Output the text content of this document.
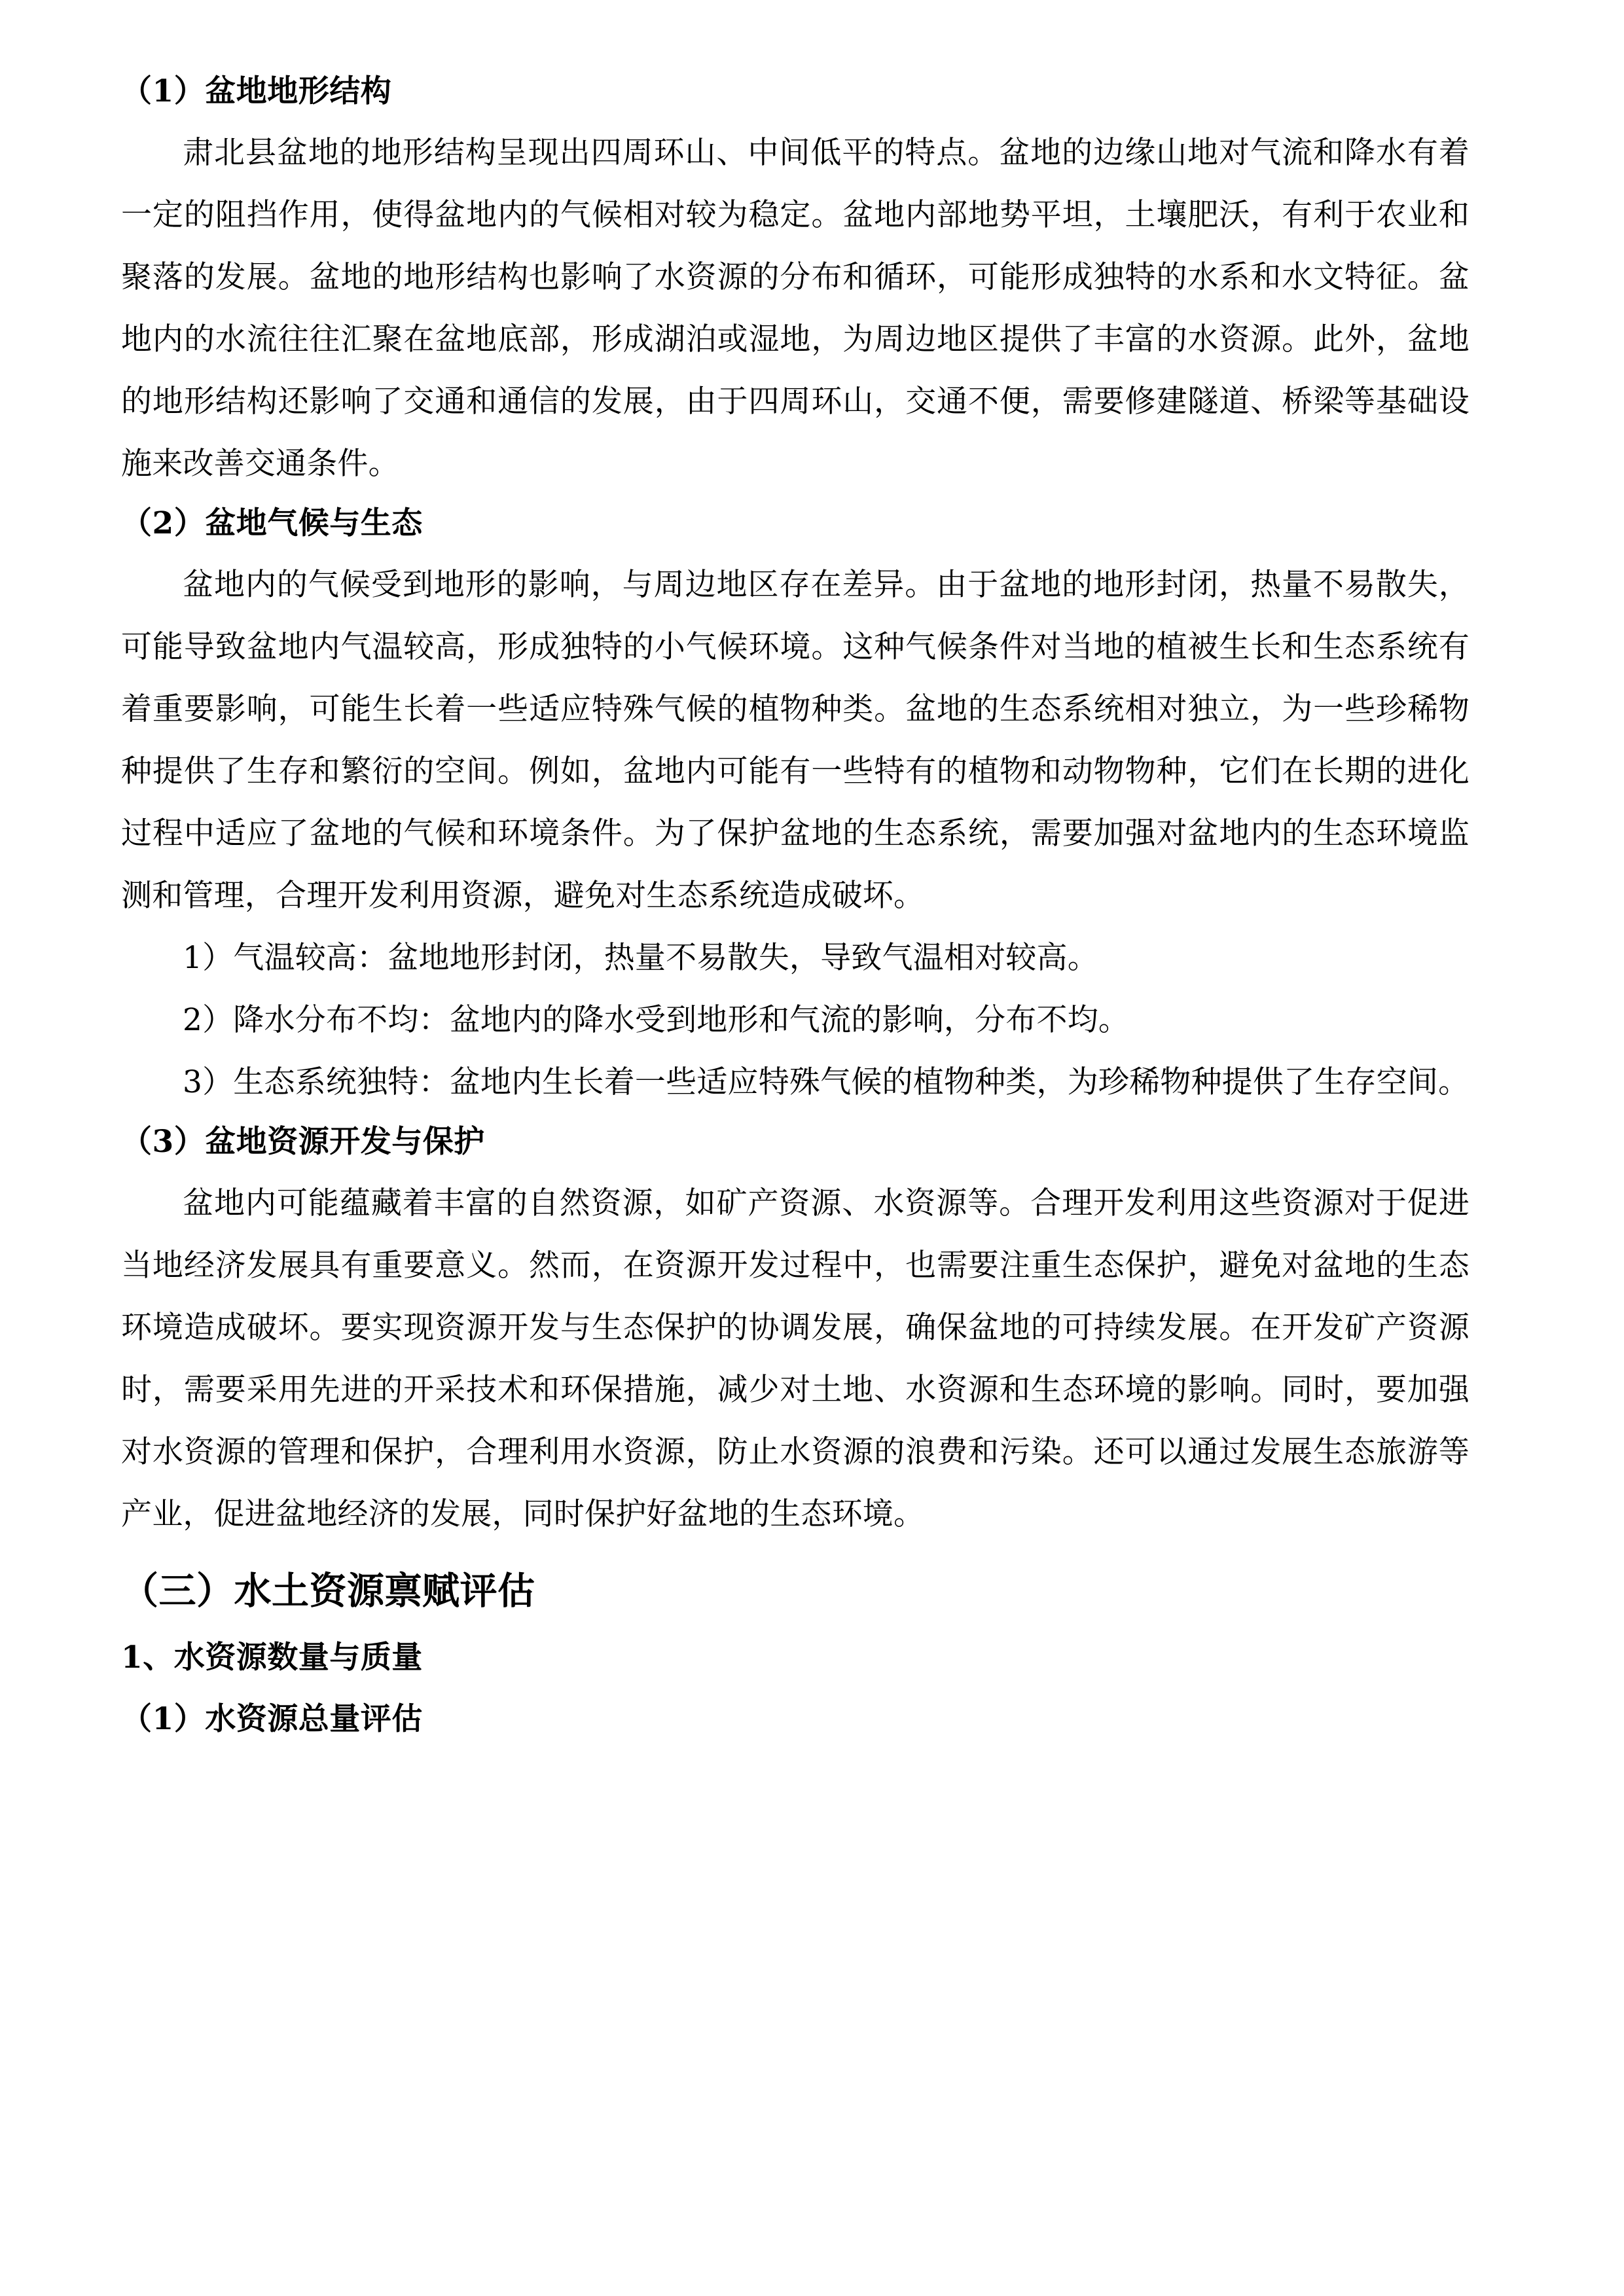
（1）盆地地形结构

肃北县盆地的地形结构呈现出四周环山、中间低平的特点。盆地的边缘山地对气流和降水有着一定的阻挡作用，使得盆地内的气候相对较为稳定。盆地内部地势平坦，土壤肥沃，有利于农业和聚落的发展。盆地的地形结构也影响了水资源的分布和循环，可能形成独特的水系和水文特征。盆地内的水流往往汇聚在盆地底部，形成湖泊或湿地，为周边地区提供了丰富的水资源。此外，盆地的地形结构还影响了交通和通信的发展，由于四周环山，交通不便，需要修建隧道、桥梁等基础设施来改善交通条件。

（2）盆地气候与生态

盆地内的气候受到地形的影响，与周边地区存在差异。由于盆地的地形封闭，热量不易散失，可能导致盆地内气温较高，形成独特的小气候环境。这种气候条件对当地的植被生长和生态系统有着重要影响，可能生长着一些适应特殊气候的植物种类。盆地的生态系统相对独立，为一些珍稀物种提供了生存和繁衍的空间。例如，盆地内可能有一些特有的植物和动物物种，它们在长期的进化过程中适应了盆地的气候和环境条件。为了保护盆地的生态系统，需要加强对盆地内的生态环境监测和管理，合理开发利用资源，避免对生态系统造成破坏。

1）气温较高：盆地地形封闭，热量不易散失，导致气温相对较高。

2）降水分布不均：盆地内的降水受到地形和气流的影响，分布不均。

3）生态系统独特：盆地内生长着一些适应特殊气候的植物种类，为珍稀物种提供了生存空间。

（3）盆地资源开发与保护

盆地内可能蕴藏着丰富的自然资源，如矿产资源、水资源等。合理开发利用这些资源对于促进当地经济发展具有重要意义。然而，在资源开发过程中，也需要注重生态保护，避免对盆地的生态环境造成破坏。要实现资源开发与生态保护的协调发展，确保盆地的可持续发展。在开发矿产资源时，需要采用先进的开采技术和环保措施，减少对土地、水资源和生态环境的影响。同时，要加强对水资源的管理和保护，合理利用水资源，防止水资源的浪费和污染。还可以通过发展生态旅游等产业，促进盆地经济的发展，同时保护好盆地的生态环境。

（三）水土资源禀赋评估
1、水资源数量与质量
（1）水资源总量评估
